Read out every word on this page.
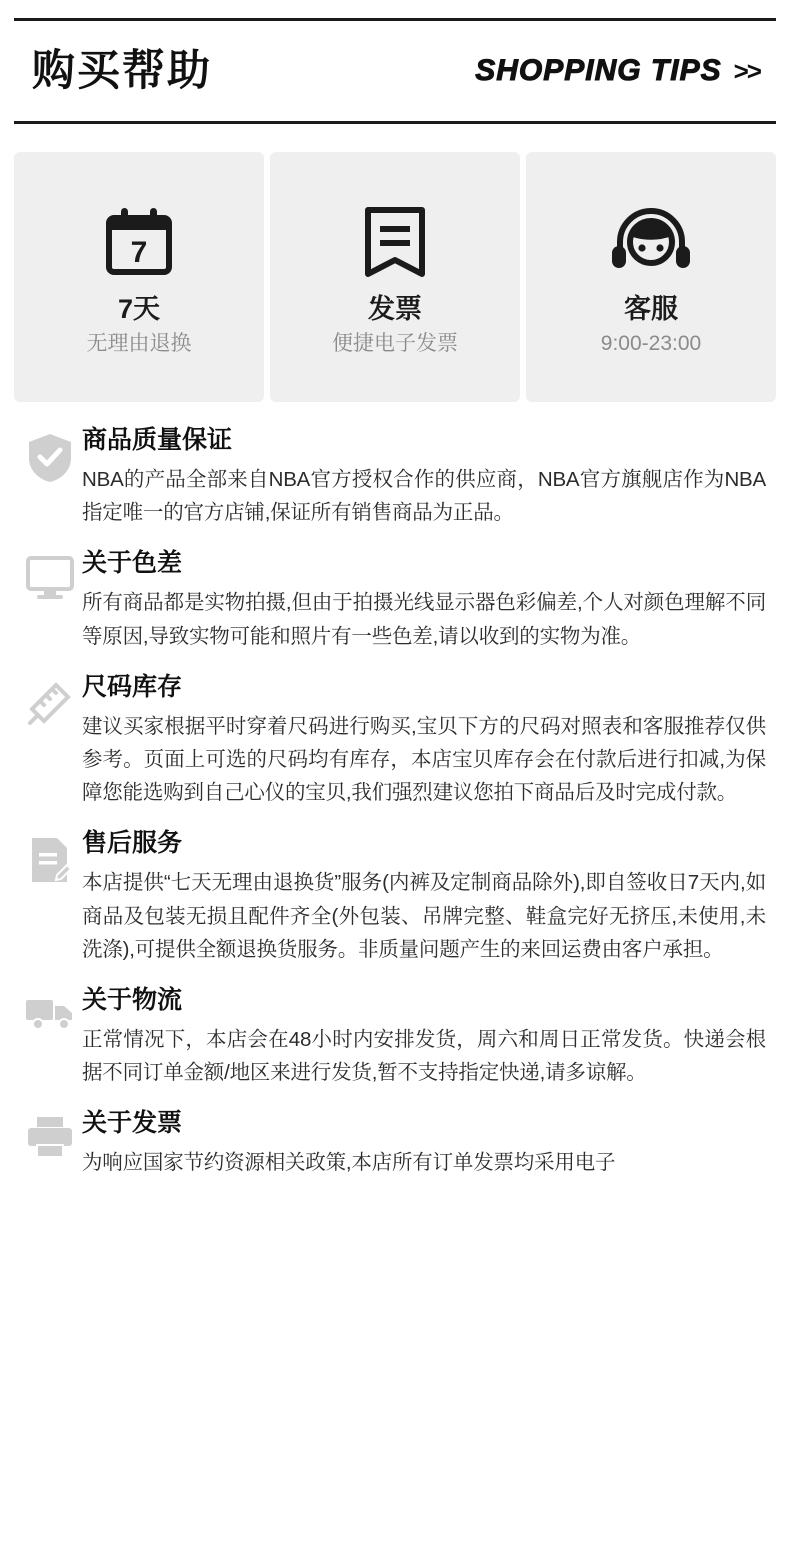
购买帮助	SHOPPING TIPS >>
7
7天
无理由退换
发票
便捷电子发票
客服
9:00-23:00
商品质量保证

NBA的产品全部来自NBA官方授权合作的供应商，NBA官方旗舰店作为NBA指定唯一的官方店铺,保证所有销售商品为正品。

关于色差

所有商品都是实物拍摄,但由于拍摄光线显示器色彩偏差,个人对颜色理解不同等原因,导致实物可能和照片有一些色差,请以收到的实物为准。

尺码库存

建议买家根据平时穿着尺码进行购买,宝贝下方的尺码对照表和客服推荐仅供参考。页面上可选的尺码均有库存，本店宝贝库存会在付款后进行扣减,为保障您能选购到自己心仪的宝贝,我们强烈建议您拍下商品后及时完成付款。

售后服务

本店提供“七天无理由退换货”服务(内裤及定制商品除外),即自签收日7天内,如商品及包装无损且配件齐全(外包装、吊牌完整、鞋盒完好无挤压,未使用,未洗涤),可提供全额退换货服务。非质量问题产生的来回运费由客户承担。

关于物流

正常情况下，本店会在48小时内安排发货，周六和周日正常发货。快递会根据不同订单金额/地区来进行发货,暂不支持指定快递,请多谅解。

关于发票

为响应国家节约资源相关政策,本店所有订单发票均采用电子
